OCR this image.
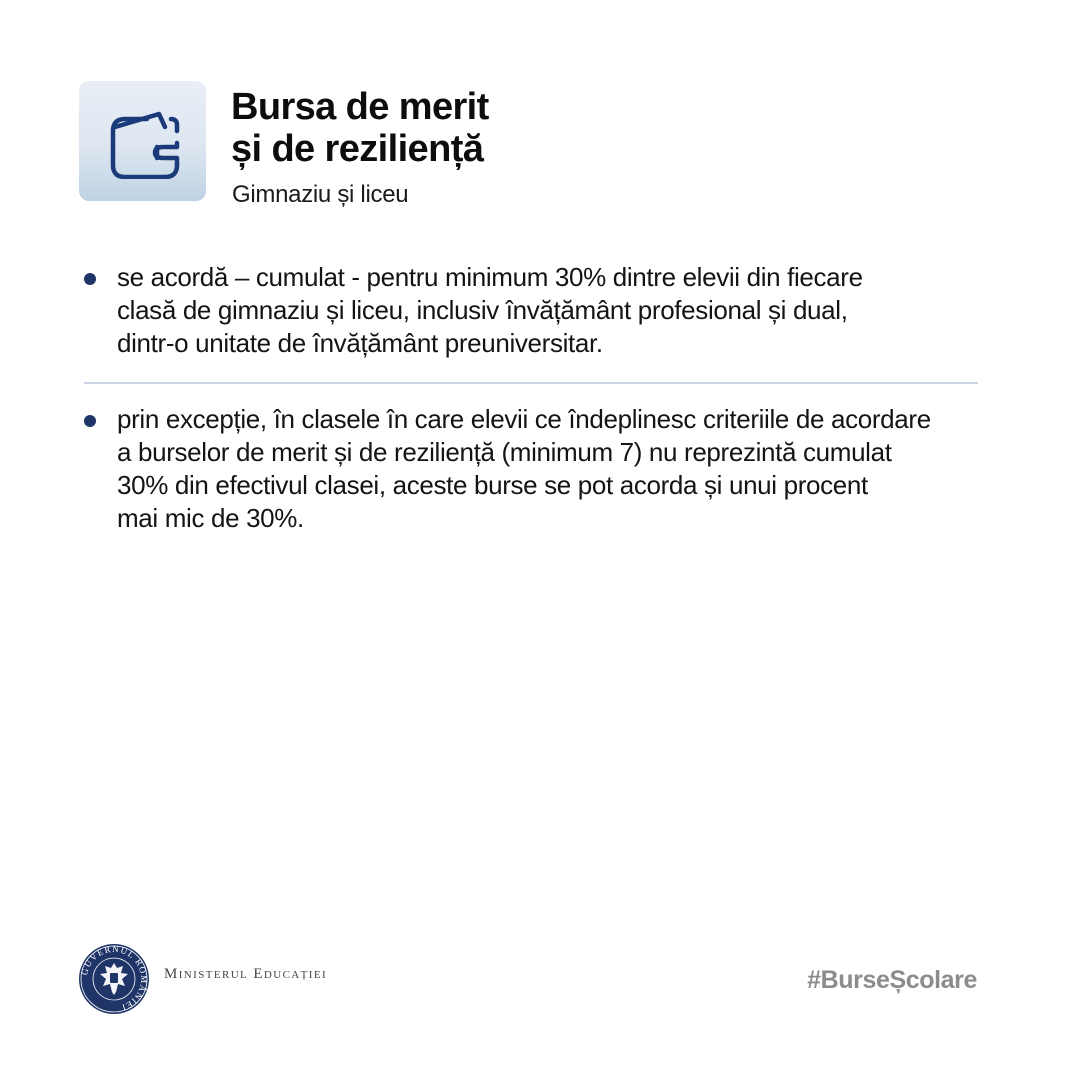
Bursa de merit
și de reziliență
Gimnaziu și liceu
se acordă – cumulat - pentru minimum 30% dintre elevii din fiecare
clasă de gimnaziu și liceu, inclusiv învățământ profesional și dual,
dintr-o unitate de învățământ preuniversitar.
prin excepție, în clasele în care elevii ce îndeplinesc criteriile de acordare
a burselor de merit și de reziliență (minimum 7) nu reprezintă cumulat
30% din efectivul clasei, aceste burse se pot acorda și unui procent
mai mic de 30%.
GUVERNUL ROMÂNIEI
Ministerul Educației	#BurseȘcolare
